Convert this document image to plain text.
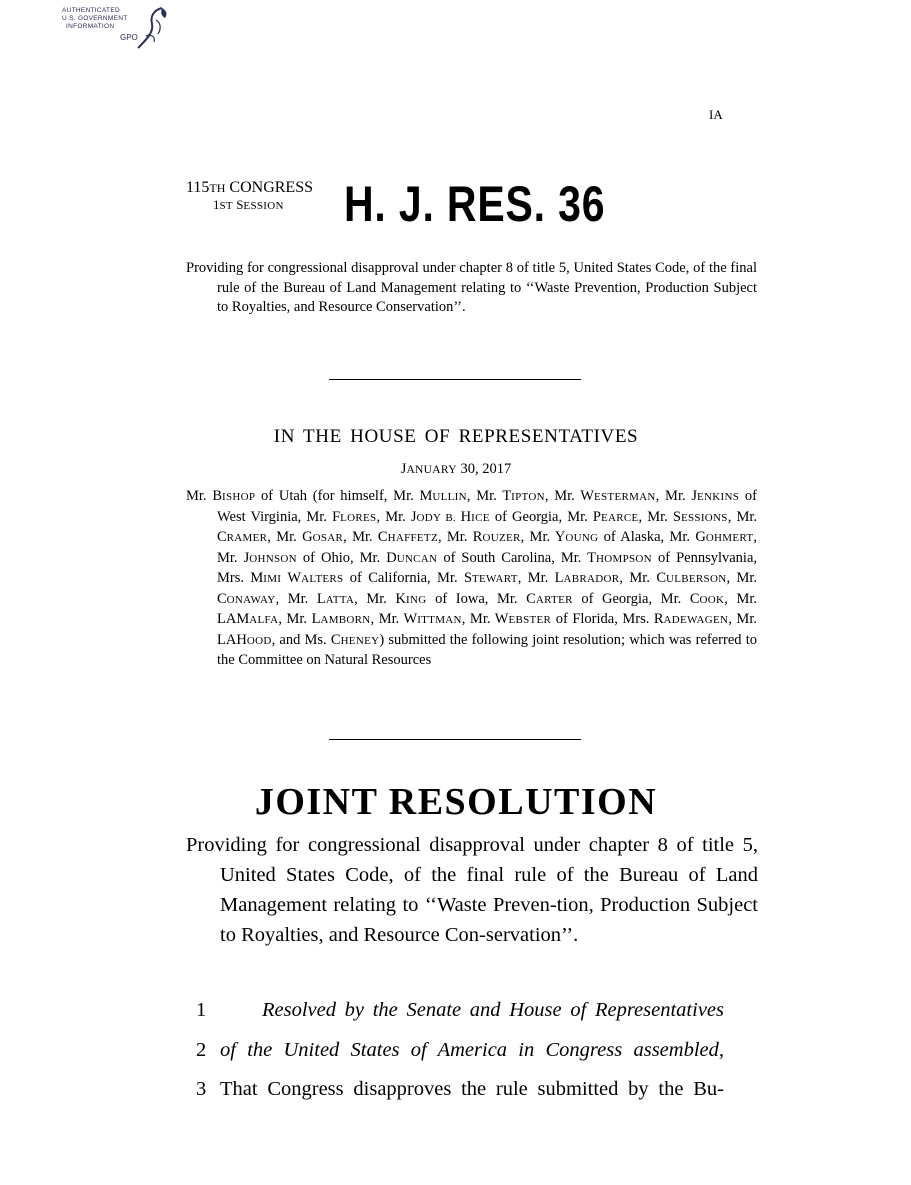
AUTHENTICATED
U.S. GOVERNMENT
INFORMATION
GPO
IA
115TH CONGRESS
1ST SESSION H. J. RES. 36
Providing for congressional disapproval under chapter 8 of title 5, United States Code, of the final rule of the Bureau of Land Management relating to ‘‘Waste Prevention, Production Subject to Royalties, and Resource Conservation’’.
IN THE HOUSE OF REPRESENTATIVES
JANUARY 30, 2017
Mr. BISHOP of Utah (for himself, Mr. MULLIN, Mr. TIPTON, Mr. WESTERMAN, Mr. JENKINS of West Virginia, Mr. FLORES, Mr. JODY B. HICE of Georgia, Mr. PEARCE, Mr. SESSIONS, Mr. CRAMER, Mr. GOSAR, Mr. CHAFFETZ, Mr. ROUZER, Mr. YOUNG of Alaska, Mr. GOHMERT, Mr. JOHNSON of Ohio, Mr. DUNCAN of South Carolina, Mr. THOMPSON of Pennsylvania, Mrs. MIMI WALTERS of California, Mr. STEWART, Mr. LABRADOR, Mr. CULBERSON, Mr. CONAWAY, Mr. LATTA, Mr. KING of Iowa, Mr. CARTER of Georgia, Mr. COOK, Mr. LAMALFA, Mr. LAMBORN, Mr. WITTMAN, Mr. WEBSTER of Florida, Mrs. RADEWAGEN, Mr. LAHOOD, and Ms. CHENEY) submitted the following joint resolution; which was referred to the Committee on Natural Resources
JOINT RESOLUTION
Providing for congressional disapproval under chapter 8 of title 5, United States Code, of the final rule of the Bureau of Land Management relating to ‘‘Waste Preven-tion, Production Subject to Royalties, and Resource Con-servation’’.
1	Resolved by the Senate and House of Representatives
2 of the United States of America in Congress assembled,
3 That Congress disapproves the rule submitted by the Bu-
